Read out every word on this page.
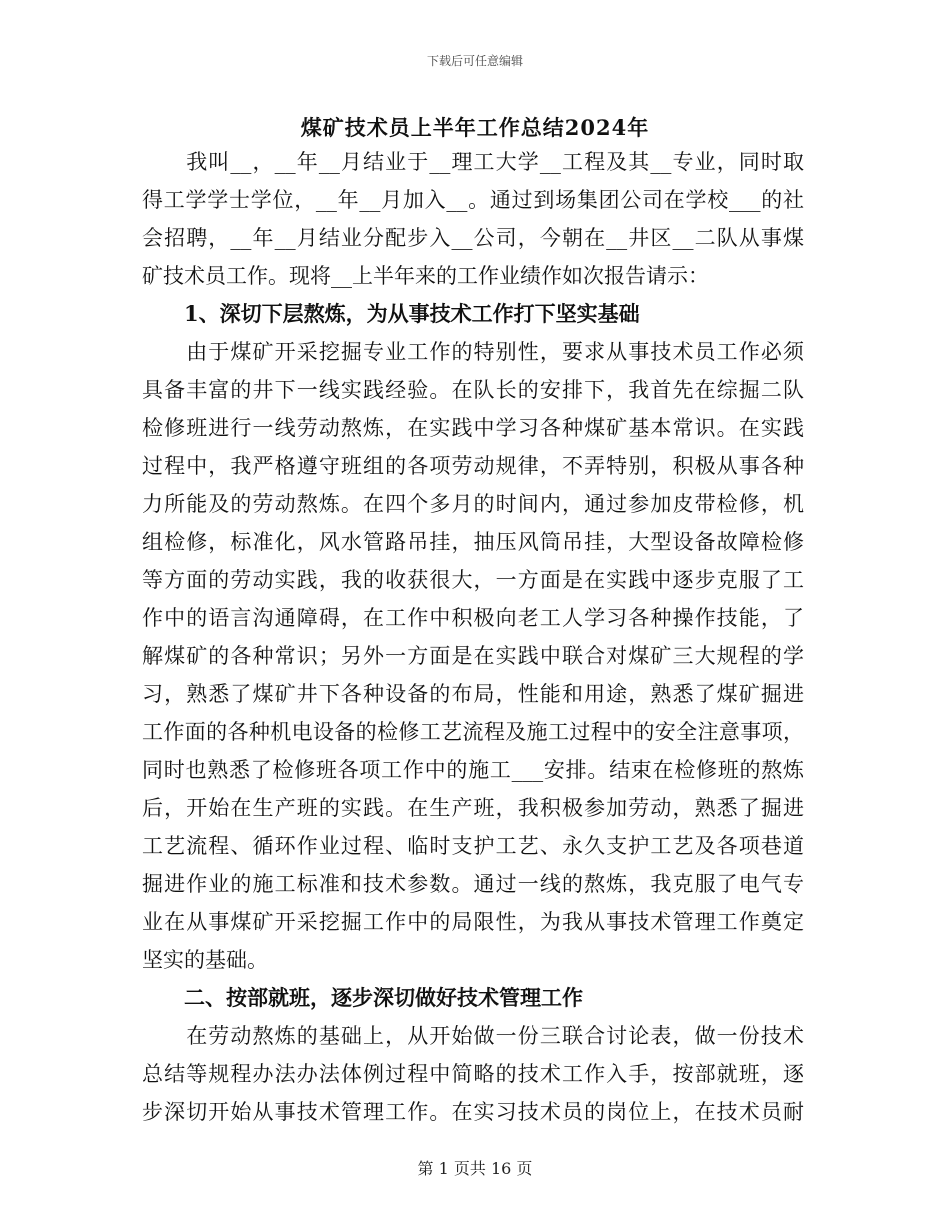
下载后可任意编辑
煤矿技术员上半年工作总结2024年
　　我叫__，__年__月结业于__理工大学__工程及其__专业，同时取
得工学学士学位，__年__月加入__。通过到场集团公司在学校___的社
会招聘，__年__月结业分配步入__公司，今朝在__井区__二队从事煤
矿技术员工作。现将__上半年来的工作业绩作如次报告请示：
　　1、深切下层熬炼，为从事技术工作打下坚实基础
　　由于煤矿开采挖掘专业工作的特别性，要求从事技术员工作必须
具备丰富的井下一线实践经验。在队长的安排下，我首先在综掘二队
检修班进行一线劳动熬炼，在实践中学习各种煤矿基本常识。在实践
过程中，我严格遵守班组的各项劳动规律，不弄特别，积极从事各种
力所能及的劳动熬炼。在四个多月的时间内，通过参加皮带检修，机
组检修，标准化，风水管路吊挂，抽压风筒吊挂，大型设备故障检修
等方面的劳动实践，我的收获很大，一方面是在实践中逐步克服了工
作中的语言沟通障碍，在工作中积极向老工人学习各种操作技能，了
解煤矿的各种常识；另外一方面是在实践中联合对煤矿三大规程的学
习，熟悉了煤矿井下各种设备的布局，性能和用途，熟悉了煤矿掘进
工作面的各种机电设备的检修工艺流程及施工过程中的安全注意事项，
同时也熟悉了检修班各项工作中的施工___安排。结束在检修班的熬炼
后，开始在生产班的实践。在生产班，我积极参加劳动，熟悉了掘进
工艺流程、循环作业过程、临时支护工艺、永久支护工艺及各项巷道
掘进作业的施工标准和技术参数。通过一线的熬炼，我克服了电气专
业在从事煤矿开采挖掘工作中的局限性，为我从事技术管理工作奠定
坚实的基础。
　　二、按部就班，逐步深切做好技术管理工作
　　在劳动熬炼的基础上，从开始做一份三联合讨论表，做一份技术
总结等规程办法办法体例过程中简略的技术工作入手，按部就班，逐
步深切开始从事技术管理工作。在实习技术员的岗位上，在技术员耐
第 1 页共 16 页
